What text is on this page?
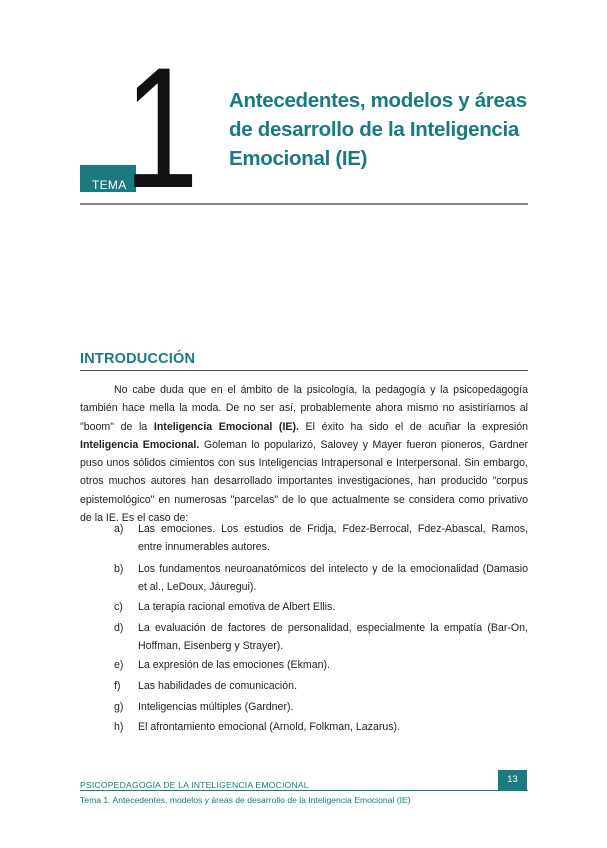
TEMA
1 Antecedentes, modelos y áreas
de desarrollo de la Inteligencia
Emocional (IE)
INTRODUCCIÓN

No cabe duda que en el ámbito de la psicología, la pedagogía y la psicopedagogía también hace mella la moda. De no ser así, probablemente ahora mismo no asistiríamos al "boom" de la Inteligencia Emocional (IE). El éxito ha sido el de acuñar la expresión Inteligencia Emocional. Goleman lo popularizó, Salovey y Mayer fueron pioneros, Gardner puso unos sólidos cimientos con sus Inteligencias Intrapersonal e Interpersonal. Sin embargo, otros muchos autores han desarrollado importantes investigaciones, han producido "corpus epistemológico" en numerosas "parcelas" de lo que actualmente se considera como privativo de la IE. Es el caso de:

a) Las emociones. Los estudios de Fridja, Fdez-Berrocal, Fdez-Abascal, Ramos, entre innumerables autores.
b) Los fundamentos neuroanatómicos del intelecto y de la emocionalidad (Damasio et al., LeDoux, Jáuregui).
c) La terapia racional emotiva de Albert Ellis.
d) La evaluación de factores de personalidad, especialmente la empatía (Bar-On, Hoffman, Eisenberg y Strayer).
e) La expresión de las emociones (Ekman).
f) Las habilidades de comunicación.
g) Inteligencias múltiples (Gardner).
h) El afrontamiento emocional (Arnold, Folkman, Lazarus).
13
PSICOPEDAGOGÍA DE LA INTELIGENCIA EMOCIONAL
Tema 1. Antecedentes, modelos y áreas de desarrollo de la Inteligencia Emocional (IE)
